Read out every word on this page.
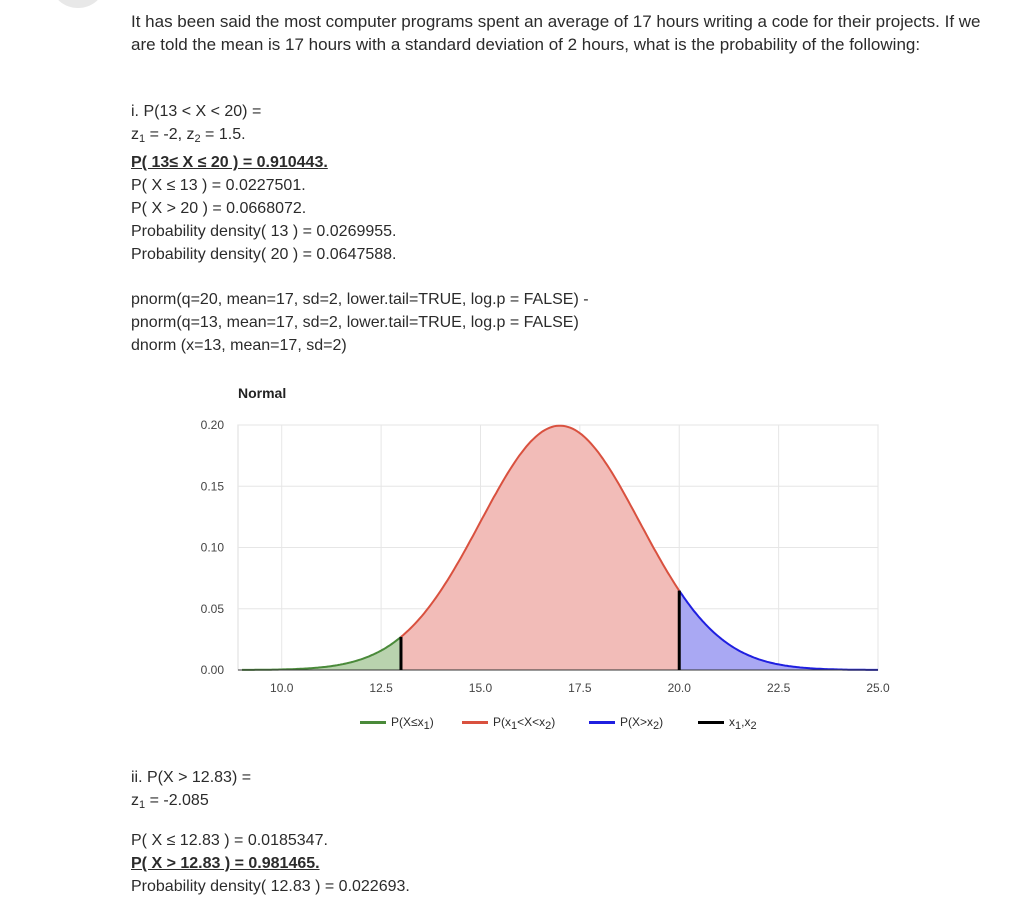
It has been said the most computer programs spent an average of 17 hours writing a code for their projects. If we are told the mean is 17 hours with a standard deviation of 2 hours, what is the probability of the following:

i. P(13 < X < 20) =
$z_1 = -2$, $z_2 = 1.5$.
P( 13≤ X ≤ 20 ) = 0.910443.
P( X ≤ 13 ) = 0.0227501.
P( X > 20 ) = 0.0668072.
Probability density( 13 ) = 0.0269955.
Probability density( 20 ) = 0.0647588.
pnorm(q=20, mean=17, sd=2, lower.tail=TRUE, log.p = FALSE) -
pnorm(q=13, mean=17, sd=2, lower.tail=TRUE, log.p = FALSE)
dnorm (x=13, mean=17, sd=2)
0.00
0.05
0.10
0.15
0.20
10.0	12.5	15.0	17.5	20.0	22.5	25.0
Normal
P(X≤x1)	P(x1<X<x2)	P(X>x2)	x1,x2
ii. P(X > 12.83) =
$z_1 = -2.085$
P( X ≤ 12.83 ) = 0.0185347.
P( X > 12.83 ) = 0.981465.
Probability density( 12.83 ) = 0.022693.
